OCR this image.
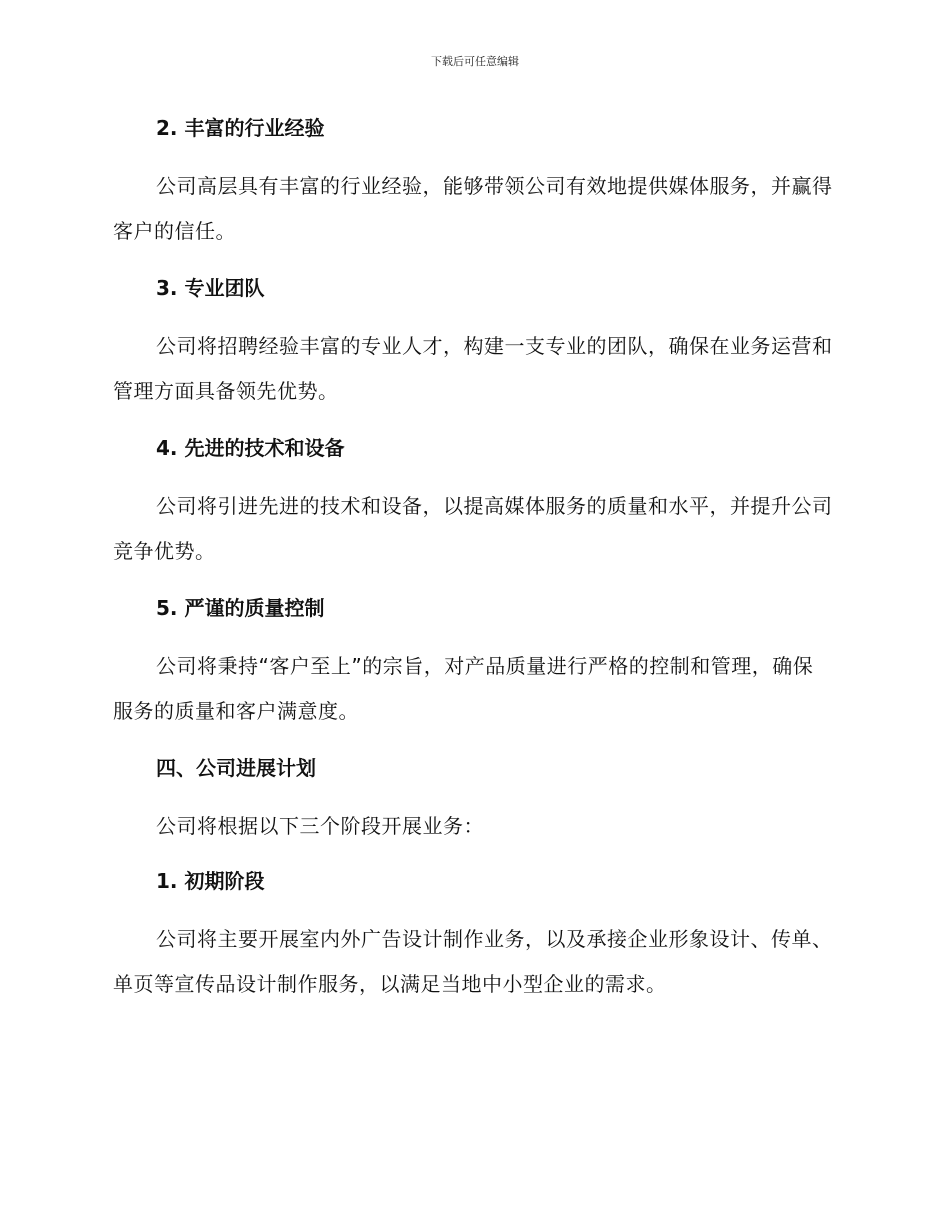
下载后可任意编辑
2. 丰富的行业经验

公司高层具有丰富的行业经验，能够带领公司有效地提供媒体服务，并赢得客户的信任。

3. 专业团队

公司将招聘经验丰富的专业人才，构建一支专业的团队，确保在业务运营和管理方面具备领先优势。

4. 先进的技术和设备

公司将引进先进的技术和设备，以提高媒体服务的质量和水平，并提升公司竞争优势。

5. 严谨的质量控制

公司将秉持“客户至上”的宗旨，对产品质量进行严格的控制和管理，确保服务的质量和客户满意度。

四、公司进展计划

公司将根据以下三个阶段开展业务：

1. 初期阶段

公司将主要开展室内外广告设计制作业务，以及承接企业形象设计、传单、单页等宣传品设计制作服务，以满足当地中小型企业的需求。
